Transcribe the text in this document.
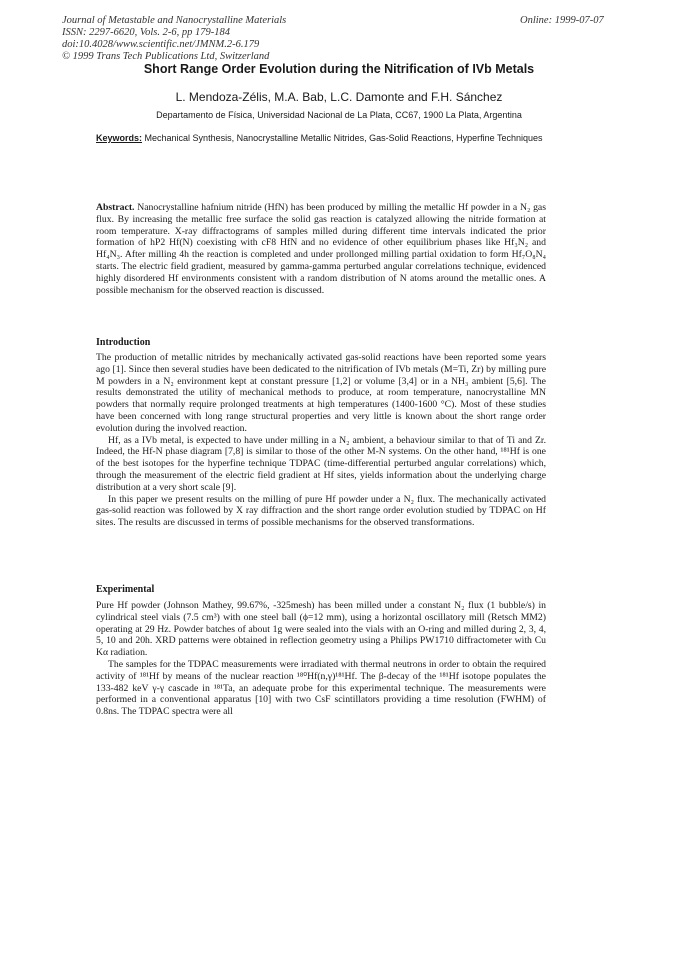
Journal of Metastable and Nanocrystalline Materials
ISSN: 2297-6620, Vols. 2-6, pp 179-184
doi:10.4028/www.scientific.net/JMNM.2-6.179
© 1999 Trans Tech Publications Ltd, Switzerland
Online: 1999-07-07
Short Range Order Evolution during the Nitrification of IVb Metals
L. Mendoza-Zélis, M.A. Bab, L.C. Damonte and F.H. Sánchez
Departamento de Física, Universidad Nacional de La Plata, CC67, 1900 La Plata, Argentina
Keywords: Mechanical Synthesis, Nanocrystalline Metallic Nitrides, Gas-Solid Reactions, Hyperfine Techniques
Abstract. Nanocrystalline hafnium nitride (HfN) has been produced by milling the metallic Hf powder in a N₂ gas flux. By increasing the metallic free surface the solid gas reaction is catalyzed allowing the nitride formation at room temperature. X-ray diffractograms of samples milled during different time intervals indicated the prior formation of hP2 Hf(N) coexisting with cF8 HfN and no evidence of other equilibrium phases like Hf₃N₂ and Hf₄N₃. After milling 4h the reaction is completed and under prollonged milling partial oxidation to form Hf₇O₈N₄ starts. The electric field gradient, measured by gamma-gamma perturbed angular correlations technique, evidenced highly disordered Hf environments consistent with a random distribution of N atoms around the metallic ones. A possible mechanism for the observed reaction is discussed.
Introduction

The production of metallic nitrides by mechanically activated gas-solid reactions have been reported some years ago [1]. Since then several studies have been dedicated to the nitrification of IVb metals (M=Ti, Zr) by milling pure M powders in a N₂ environment kept at constant pressure [1,2] or volume [3,4] or in a NH₃ ambient [5,6]. The results demonstrated the utility of mechanical methods to produce, at room temperature, nanocrystalline MN powders that normally require prolonged treatments at high temperatures (1400-1600 °C). Most of these studies have been concerned with long range structural properties and very little is known about the short range order evolution during the involved reaction.

Hf, as a IVb metal, is expected to have under milling in a N₂ ambient, a behaviour similar to that of Ti and Zr. Indeed, the Hf-N phase diagram [7,8] is similar to those of the other M-N systems. On the other hand, ¹⁸¹Hf is one of the best isotopes for the hyperfine technique TDPAC (time-differential perturbed angular correlations) which, through the measurement of the electric field gradient at Hf sites, yields information about the underlying charge distribution at a very short scale [9].

In this paper we present results on the milling of pure Hf powder under a N₂ flux. The mechanically activated gas-solid reaction was followed by X ray diffraction and the short range order evolution studied by TDPAC on Hf sites. The results are discussed in terms of possible mechanisms for the observed transformations.

Experimental

Pure Hf powder (Johnson Mathey, 99.67%, -325mesh) has been milled under a constant N₂ flux (1 bubble/s) in cylindrical steel vials (7.5 cm³) with one steel ball (ϕ=12 mm), using a horizontal oscillatory mill (Retsch MM2) operating at 29 Hz. Powder batches of about 1g were sealed into the vials with an O-ring and milled during 2, 3, 4, 5, 10 and 20h. XRD patterns were obtained in reflection geometry using a Philips PW1710 diffractometer with Cu Kα radiation.

The samples for the TDPAC measurements were irradiated with thermal neutrons in order to obtain the required activity of ¹⁸¹Hf by means of the nuclear reaction ¹⁸⁰Hf(n,γ)¹⁸¹Hf. The β-decay of the ¹⁸¹Hf isotope populates the 133-482 keV γ-γ cascade in ¹⁸¹Ta, an adequate probe for this experimental technique. The measurements were performed in a conventional apparatus [10] with two CsF scintillators providing a time resolution (FWHM) of 0.8ns. The TDPAC spectra were all
